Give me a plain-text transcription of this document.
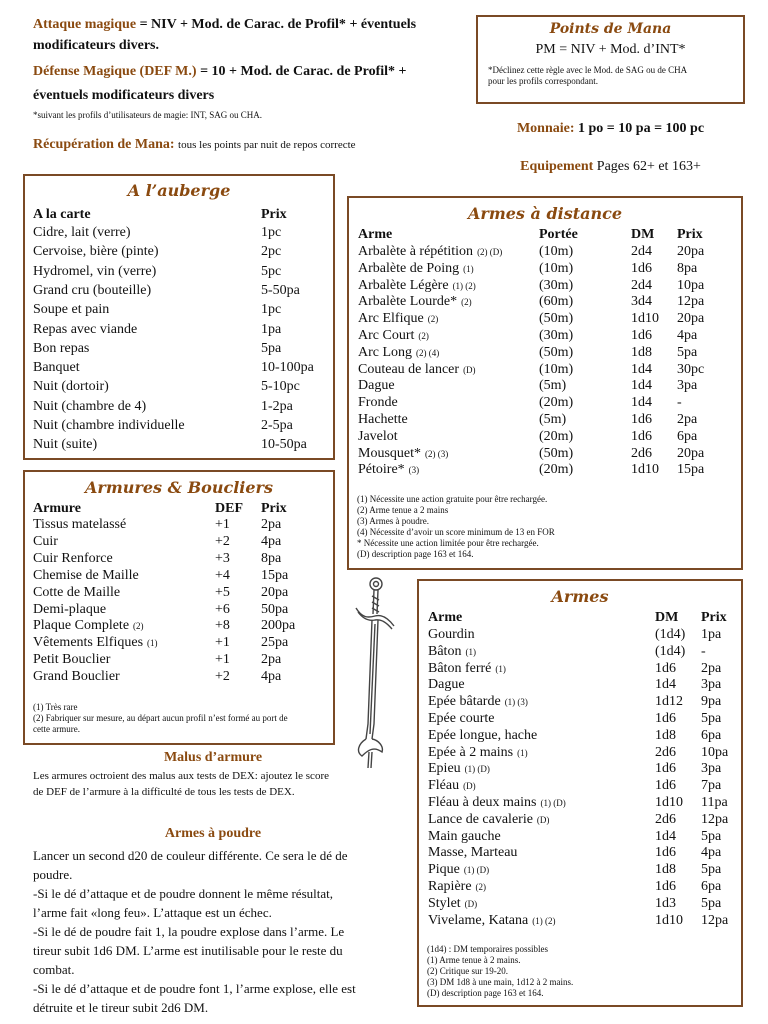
Attaque magique = NIV + Mod. de Carac. de Profil* + éventuels
modificateurs divers.
Défense Magique (DEF M.) = 10 + Mod. de Carac. de Profil* +
éventuels modificateurs divers
*suivant les profils d’utilisateurs de magie: INT, SAG ou CHA.
Récupération de Mana: tous les points par nuit de repos correcte
Points de Mana
PM = NIV + Mod. d’INT*
*Déclinez cette règle avec le Mod. de SAG ou de CHA
pour les profils correspondant.
Monnaie: 1 po = 10 pa = 100 pc
Equipement Pages 62+ et 163+
A l’auberge
A la carte	Prix
Cidre, lait (verre)	1pc
Cervoise, bière (pinte)	2pc
Hydromel, vin (verre)	5pc
Grand cru (bouteille)	5-50pa
Soupe et pain	1pc
Repas avec viande	1pa
Bon repas	5pa
Banquet	10-100pa
Nuit (dortoir)	5-10pc
Nuit (chambre de 4)	1-2pa
Nuit (chambre individuelle	2-5pa
Nuit (suite)	10-50pa
Armures & Boucliers
Armure	DEF Prix
Tissus matelassé	+1 2pa
Cuir	+2 4pa
Cuir Renforce	+3 8pa
Chemise de Maille	+4 15pa
Cotte de Maille	+5 20pa
Demi-plaque	+6 50pa
Plaque Complete (2)	+8 200pa
Vêtements Elfiques (1)	+1 25pa
Petit Bouclier	+1 2pa
Grand Bouclier	+2 4pa
(1) Très rare
(2) Fabriquer sur mesure, au départ aucun profil n’est formé au port de
cette armure.
Malus d’armure
Les armures octroient des malus aux tests de DEX: ajoutez le score
de DEF de l’armure à la difficulté de tous les tests de DEX.
Armes à poudre
Lancer un second d20 de couleur différente. Ce sera le dé de
poudre.
-Si le dé d’attaque et de poudre donnent le même résultat,
l’arme fait «long feu». L’attaque est un échec.
-Si le dé de poudre fait 1, la poudre explose dans l’arme. Le
tireur subit 1d6 DM. L’arme est inutilisable pour le reste du
combat.
-Si le dé d’attaque et de poudre font 1, l’arme explose, elle est
détruite et le tireur subit 2d6 DM.
Armes à distance
Arme	Portée	DM Prix
Arbalète à répétition (2) (D)	(10m)	2d4 20pa
Arbalète de Poing (1)	(10m)	1d6 8pa
Arbalète Légère (1) (2)	(30m)	2d4 10pa
Arbalète Lourde* (2)	(60m)	3d4 12pa
Arc Elfique (2)	(50m)	1d10 20pa
Arc Court (2)	(30m)	1d6 4pa
Arc Long (2) (4)	(50m)	1d8 5pa
Couteau de lancer (D)	(10m)	1d4 30pc
Dague	(5m)	1d4 3pa
Fronde	(20m)	1d4 -
Hachette	(5m)	1d6 2pa
Javelot	(20m)	1d6 6pa
Mousquet* (2) (3)	(50m)	2d6 20pa
Pétoire* (3)	(20m)	1d10 15pa
(1) Nécessite une action gratuite pour être rechargée.
(2) Arme tenue a 2 mains
(3) Armes à poudre.
(4) Nécessite d’avoir un score minimum de 13 en FOR
* Nécessite une action limitée pour être rechargée.
(D) description page 163 et 164.
Armes
Arme	DM Prix
Gourdin	(1d4) 1pa
Bâton (1)	(1d4) -
Bâton ferré (1)	1d6 2pa
Dague	1d4 3pa
Epée bâtarde (1) (3)	1d12 9pa
Epée courte	1d6 5pa
Epée longue, hache	1d8 6pa
Epée à 2 mains (1)	2d6 10pa
Epieu (1) (D)	1d6 3pa
Fléau (D)	1d6 7pa
Fléau à deux mains (1) (D)	1d10 11pa
Lance de cavalerie (D)	2d6 12pa
Main gauche	1d4 5pa
Masse, Marteau	1d6 4pa
Pique (1) (D)	1d8 5pa
Rapière (2)	1d6 6pa
Stylet (D)	1d3 5pa
Vivelame, Katana (1) (2)	1d10 12pa
(1d4) : DM temporaires possibles
(1) Arme tenue à 2 mains.
(2) Critique sur 19-20.
(3) DM 1d8 à une main, 1d12 à 2 mains.
(D) description page 163 et 164.
